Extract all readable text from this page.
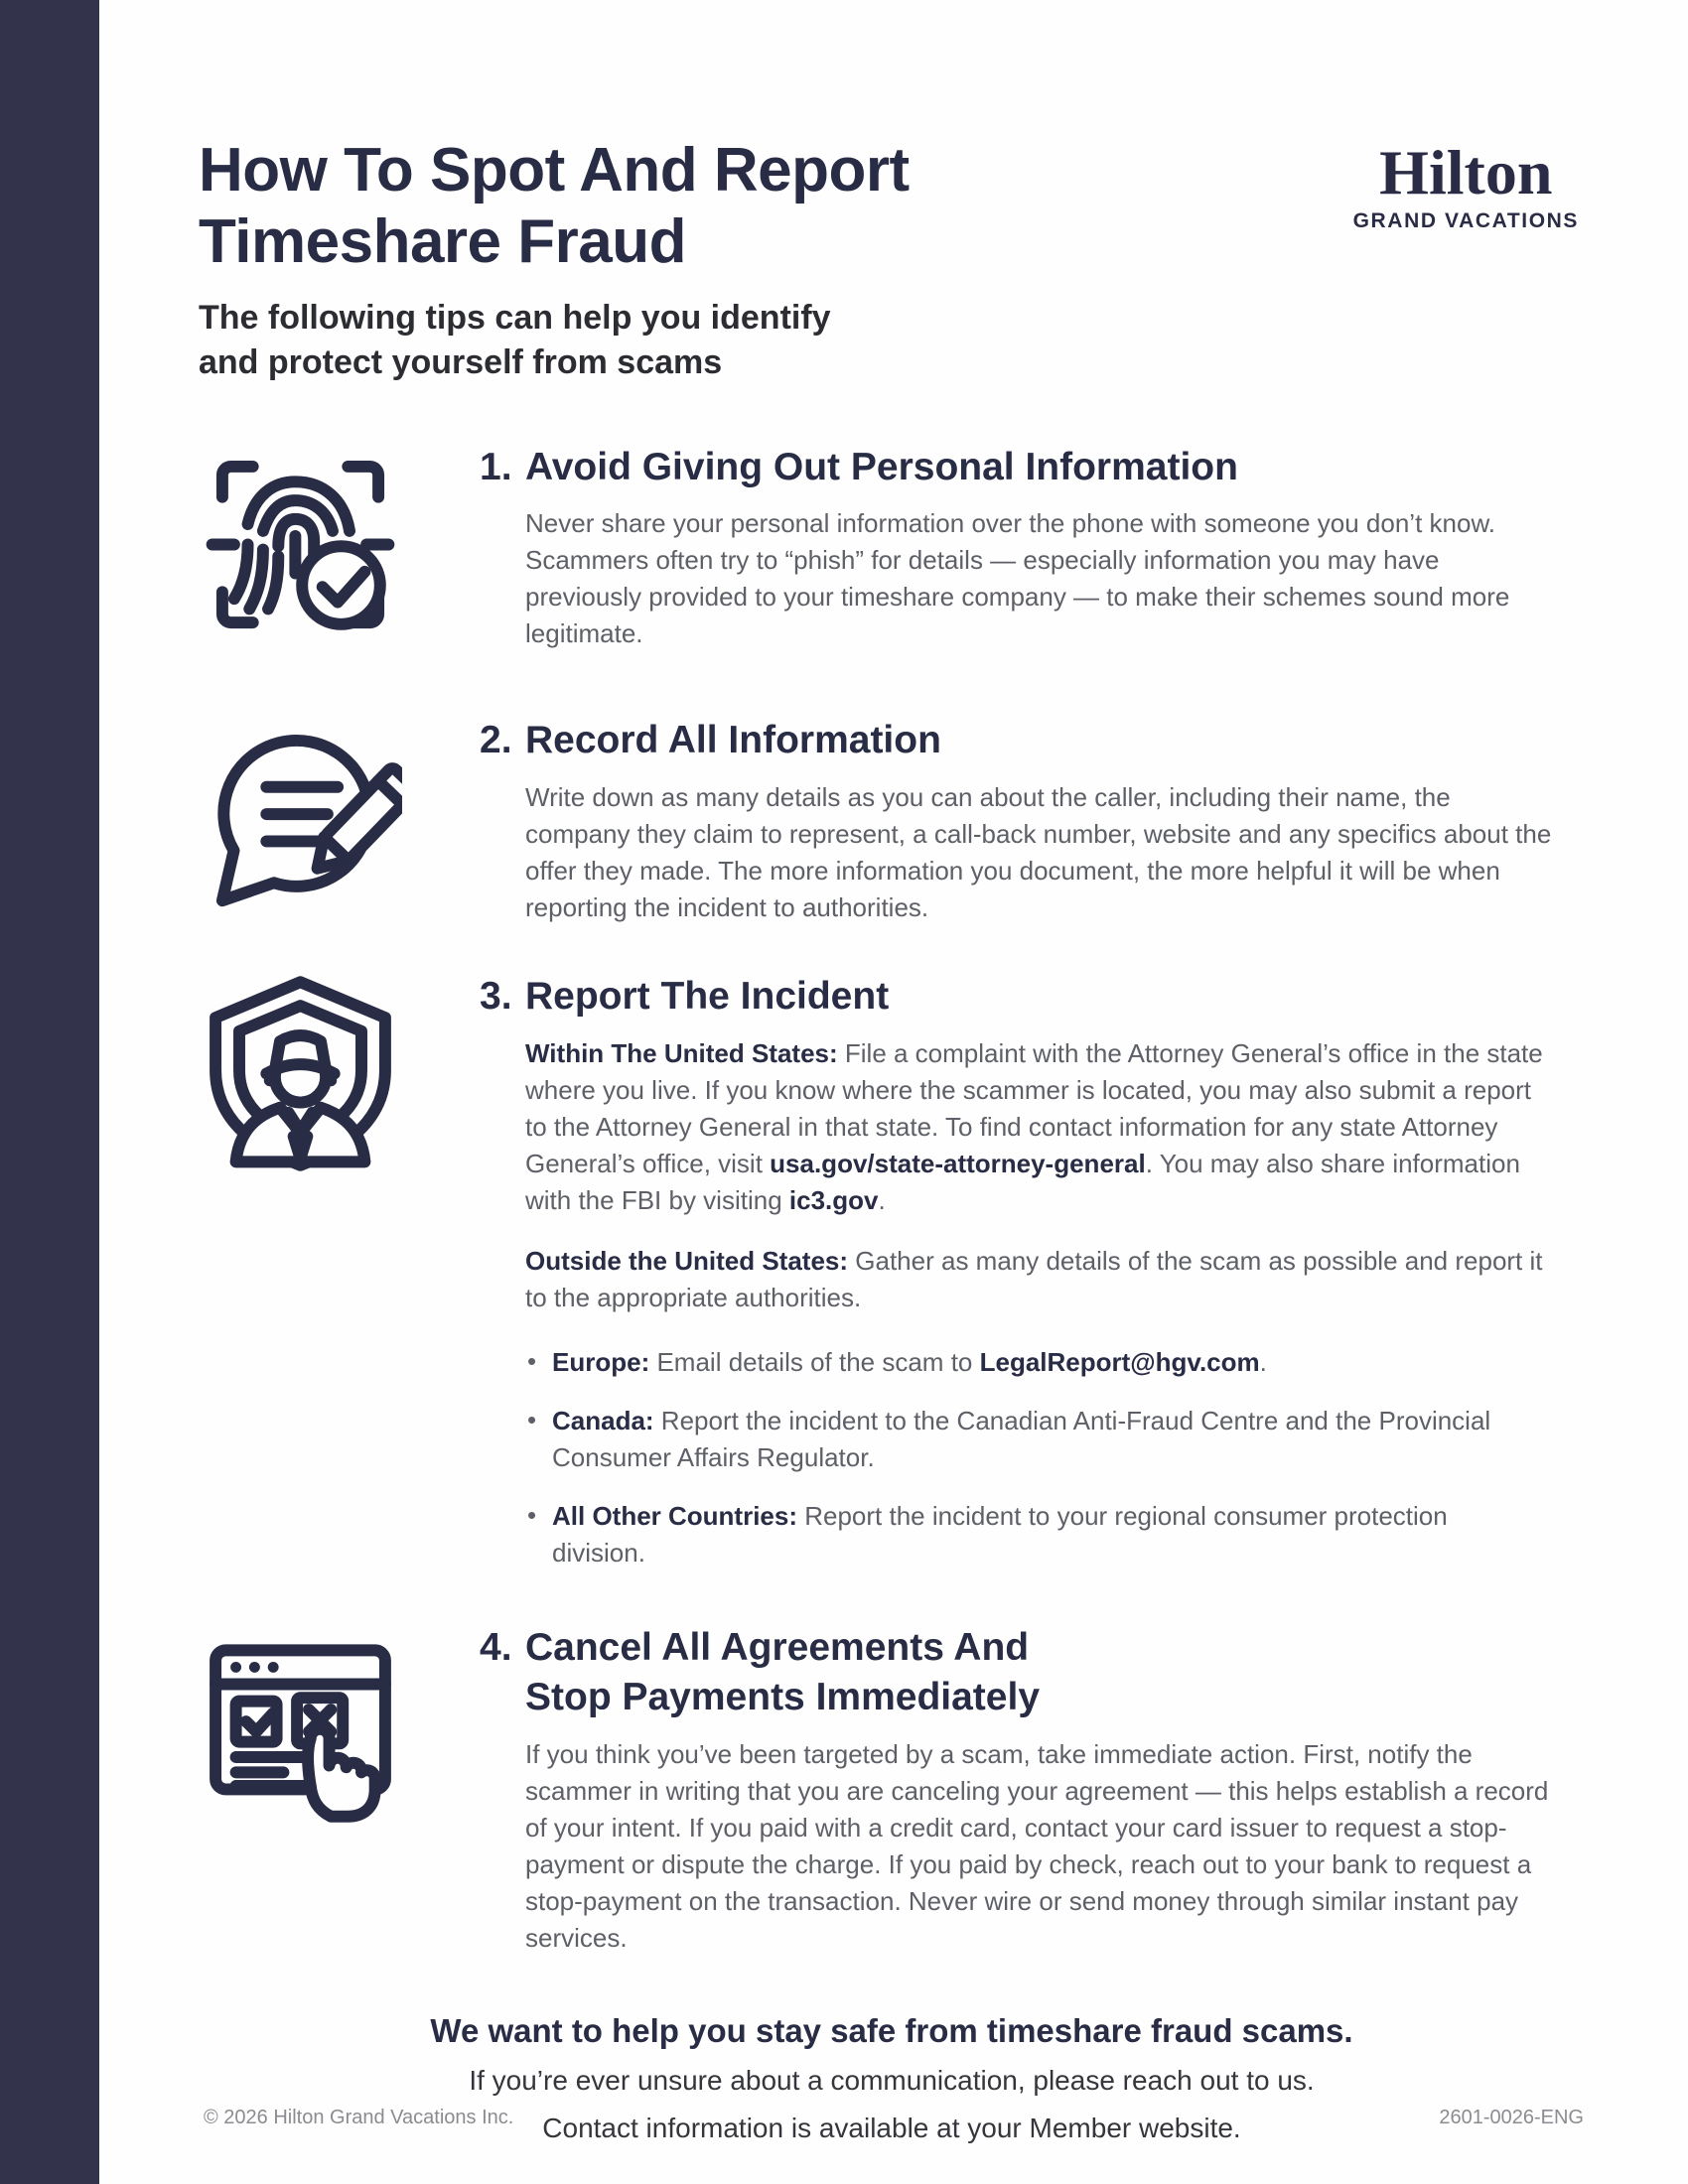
How To Spot And Report
Timeshare Fraud
The following tips can help you identify
and protect yourself from scams
Hilton
GRAND VACATIONS
1. Avoid Giving Out Personal Information

Never share your personal information over the phone with someone you don’t know. Scammers often try to “phish” for details — especially information you may have previously provided to your timeshare company — to make their schemes sound more legitimate.

2. Record All Information

Write down as many details as you can about the caller, including their name, the company they claim to represent, a call-back number, website and any specifics about the offer they made. The more information you document, the more helpful it will be when reporting the incident to authorities.

3. Report The Incident

Within The United States: File a complaint with the Attorney General’s office in the state where you live. If you know where the scammer is located, you may also submit a report to the Attorney General in that state. To find contact information for any state Attorney General’s office, visit usa.gov/state-attorney-general. You may also share information with the FBI by visiting ic3.gov.

Outside the United States: Gather as many details of the scam as possible and report it to the appropriate authorities.

• Europe: Email details of the scam to LegalReport@hgv.com.
• Canada: Report the incident to the Canadian Anti-Fraud Centre and the Provincial Consumer Affairs Regulator.
• All Other Countries: Report the incident to your regional consumer protection division.
4. Cancel All Agreements And
Stop Payments Immediately

If you think you’ve been targeted by a scam, take immediate action. First, notify the scammer in writing that you are canceling your agreement — this helps establish a record of your intent. If you paid with a credit card, contact your card issuer to request a stop-payment or dispute the charge. If you paid by check, reach out to your bank to request a stop-payment on the transaction. Never wire or send money through similar instant pay services.

We want to help you stay safe from timeshare fraud scams.
If you’re ever unsure about a communication, please reach out to us.
Contact information is available at your Member website.
© 2026 Hilton Grand Vacations Inc.	2601-0026-ENG
